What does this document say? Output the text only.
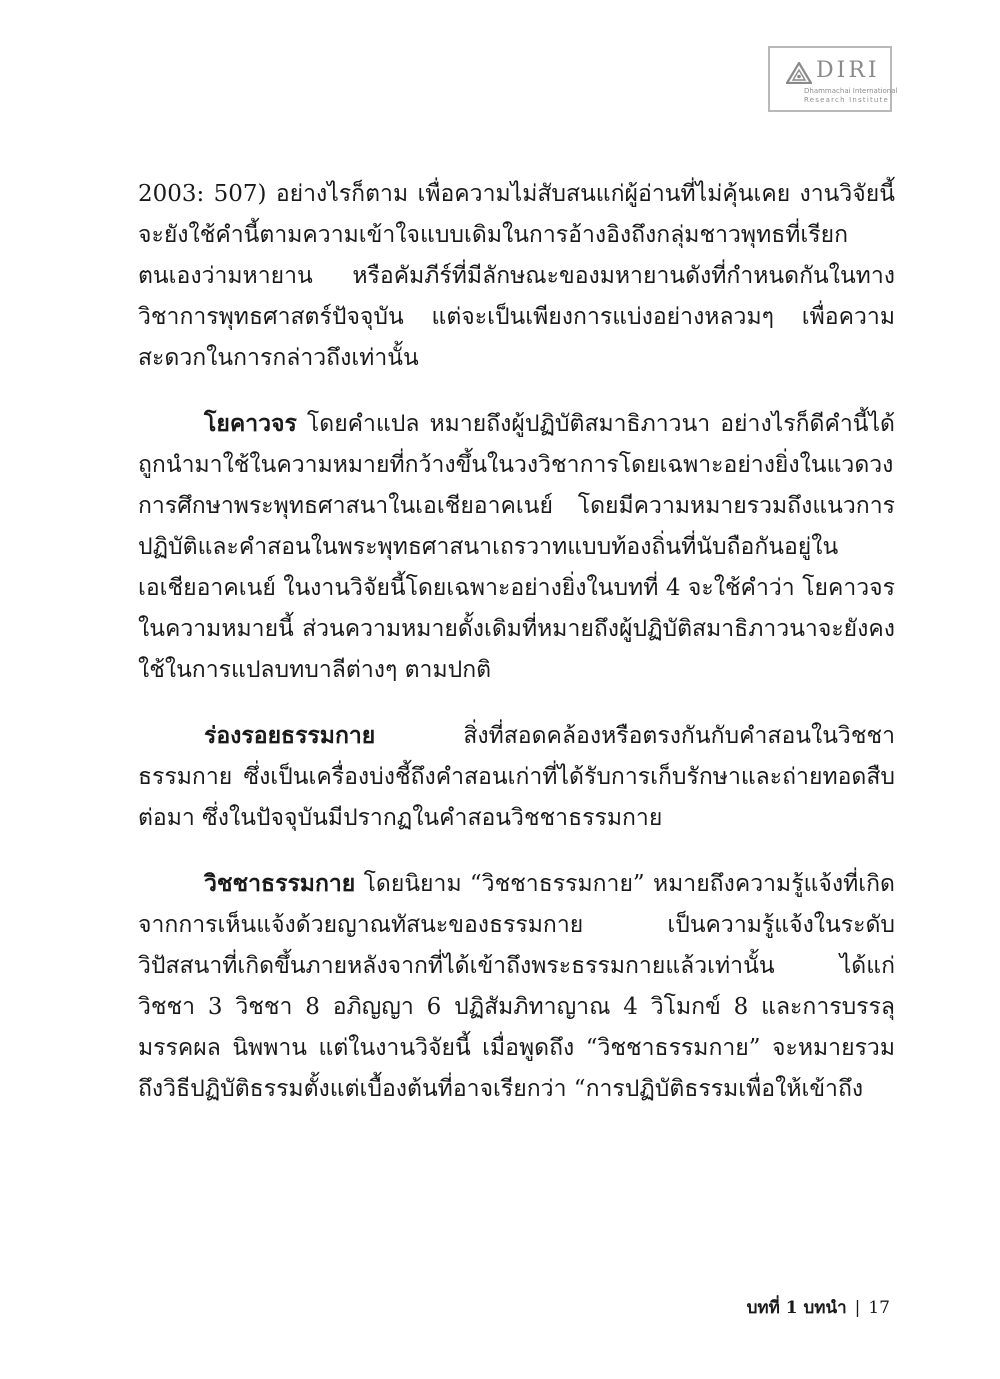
DIRI
Dhammachai International
Research Institute

2003: 507) อย่างไรก็ตาม เพื่อความไม่สับสนแก่ผู้อ่านที่ไม่คุ้นเคย งานวิจัยนี้จะยังใช้คำนี้ตามความเข้าใจแบบเดิมในการอ้างอิงถึงกลุ่มชาวพุทธที่เรียกตนเองว่ามหายาน หรือคัมภีร์ที่มีลักษณะของมหายานดังที่กำหนดกันในทางวิชาการพุทธศาสตร์ปัจจุบัน แต่จะเป็นเพียงการแบ่งอย่างหลวมๆ เพื่อความสะดวกในการกล่าวถึงเท่านั้น

โยคาวจร โดยคำแปล หมายถึงผู้ปฏิบัติสมาธิภาวนา อย่างไรก็ดีคำนี้ได้ถูกนำมาใช้ในความหมายที่กว้างขึ้นในวงวิชาการโดยเฉพาะอย่างยิ่งในแวดวงการศึกษาพระพุทธศาสนาในเอเชียอาคเนย์ โดยมีความหมายรวมถึงแนวการปฏิบัติและคำสอนในพระพุทธศาสนาเถรวาทแบบท้องถิ่นที่นับถือกันอยู่ในเอเชียอาคเนย์ ในงานวิจัยนี้โดยเฉพาะอย่างยิ่งในบทที่ 4 จะใช้คำว่า โยคาวจร ในความหมายนี้ ส่วนความหมายดั้งเดิมที่หมายถึงผู้ปฏิบัติสมาธิภาวนาจะยังคงใช้ในการแปลบทบาลีต่างๆ ตามปกติ

ร่องรอยธรรมกาย สิ่งที่สอดคล้องหรือตรงกันกับคำสอนในวิชชาธรรมกาย ซึ่งเป็นเครื่องบ่งชี้ถึงคำสอนเก่าที่ได้รับการเก็บรักษาและถ่ายทอดสืบต่อมา ซึ่งในปัจจุบันมีปรากฏในคำสอนวิชชาธรรมกาย

วิชชาธรรมกาย โดยนิยาม “วิชชาธรรมกาย” หมายถึงความรู้แจ้งที่เกิดจากการเห็นแจ้งด้วยญาณทัสนะของธรรมกาย เป็นความรู้แจ้งในระดับวิปัสสนาที่เกิดขึ้นภายหลังจากที่ได้เข้าถึงพระธรรมกายแล้วเท่านั้น ได้แก่ วิชชา 3 วิชชา 8 อภิญญา 6 ปฏิสัมภิทาญาณ 4 วิโมกข์ 8 และการบรรลุมรรคผล นิพพาน แต่ในงานวิจัยนี้ เมื่อพูดถึง “วิชชาธรรมกาย” จะหมายรวมถึงวิธีปฏิบัติธรรมตั้งแต่เบื้องต้นที่อาจเรียกว่า “การปฏิบัติธรรมเพื่อให้เข้าถึง

บทที่ 1 บทนำ | 17
